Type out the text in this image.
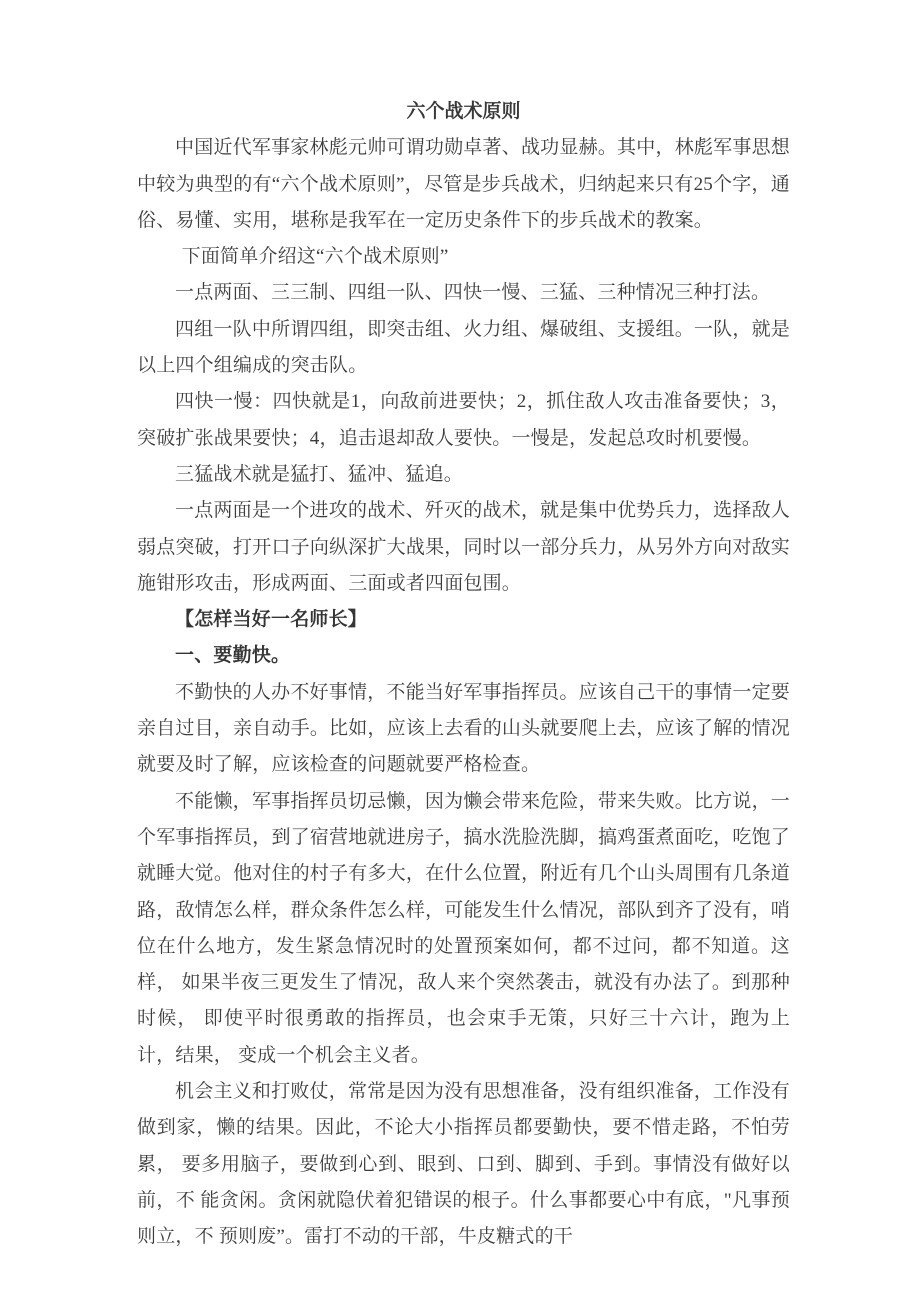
六个战术原则

中国近代军事家林彪元帅可谓功勋卓著、战功显赫。其中，林彪军事思想 中较为典型的有“六个战术原则”，尽管是步兵战术，归纳起来只有25个字，通 俗、易懂、实用，堪称是我军在一定历史条件下的步兵战术的教案。

下面简单介绍这“六个战术原则”

一点两面、三三制、四组一队、四快一慢、三猛、三种情况三种打法。

四组一队中所谓四组，即突击组、火力组、爆破组、支援组。一队，就是 以上四个组编成的突击队。

四快一慢：四快就是1，向敌前进要快；2，抓住敌人攻击准备要快；3， 突破扩张战果要快；4，追击退却敌人要快。一慢是，发起总攻时机要慢。

三猛战术就是猛打、猛冲、猛追。

一点两面是一个进攻的战术、歼灭的战术，就是集中优势兵力，选择敌人 弱点突破，打开口子向纵深扩大战果，同时以一部分兵力，从另外方向对敌实 施钳形攻击，形成两面、三面或者四面包围。

【怎样当好一名师长】

一、要勤快。

不勤快的人办不好事情，不能当好军事指挥员。应该自己干的事情一定要 亲自过目，亲自动手。比如，应该上去看的山头就要爬上去，应该了解的情况 就要及时了解，应该检查的问题就要严格检查。

不能懒，军事指挥员切忌懒，因为懒会带来危险，带来失败。比方说，一 个军事指挥员，到了宿营地就进房子，搞水洗脸洗脚，搞鸡蛋煮面吃，吃饱了 就睡大觉。他对住的村子有多大，在什么位置，附近有几个山头周围有几条道 路，敌情怎么样，群众条件怎么样，可能发生什么情况，部队到齐了没有，哨 位在什么地方，发生紧急情况时的处置预案如何，都不过问，都不知道。这样， 如果半夜三更发生了情况，敌人来个突然袭击，就没有办法了。到那种时候， 即使平时很勇敢的指挥员，也会束手无策，只好三十六计，跑为上计，结果， 变成一个机会主义者。

机会主义和打败仗，常常是因为没有思想准备，没有组织准备，工作没有 做到家，懒的结果。因此，不论大小指挥员都要勤快，要不惜走路，不怕劳累， 要多用脑子，要做到心到、眼到、口到、脚到、手到。事情没有做好以前，不 能贪闲。贪闲就隐伏着犯错误的根子。什么事都要心中有底，"凡事预则立，不 预则废”。雷打不动的干部，牛皮糖式的干
